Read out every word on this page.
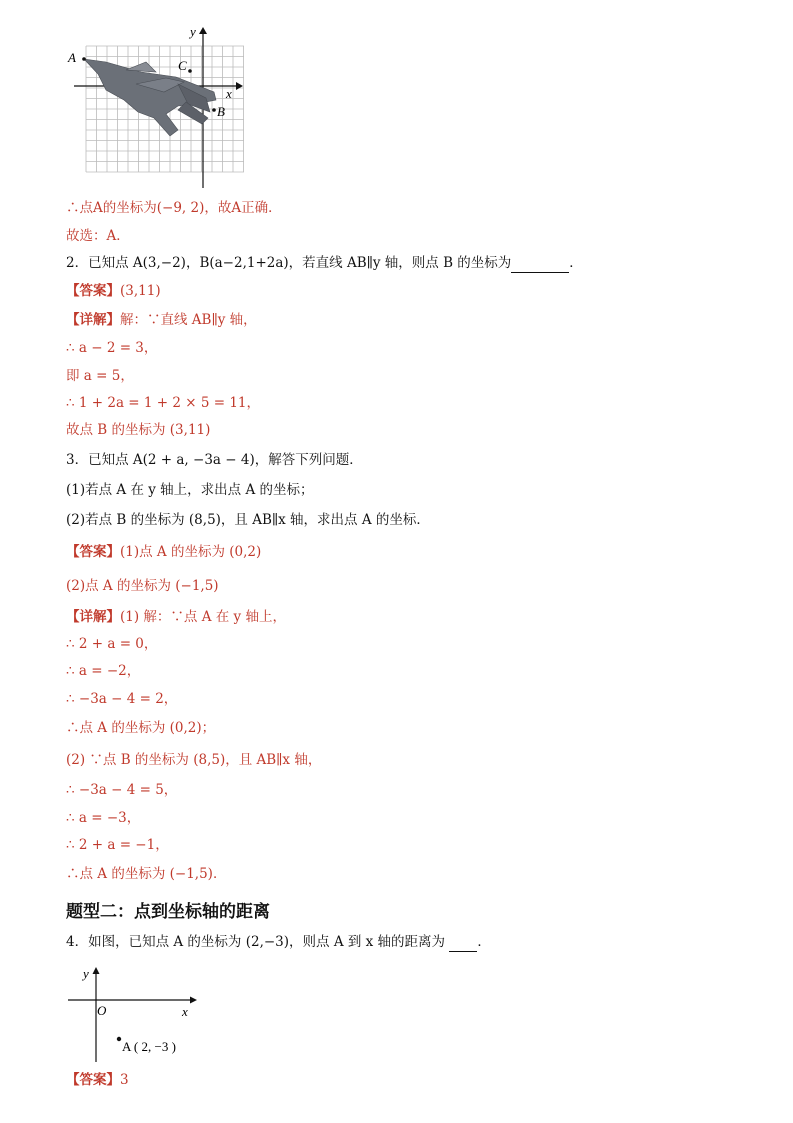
A
B
C
x
y
∴点A的坐标为(−9, 2)，故A正确．
故选：A．
2．已知点 A(3,−2)，B(a−2,1+2a)，若直线 AB∥y 轴，则点 B 的坐标为	．
【答案】(3,11)
【详解】解：∵直线 AB∥y 轴，
∴ a − 2 = 3，
即 a = 5，
∴ 1 + 2a = 1 + 2 × 5 = 11，
故点 B 的坐标为 (3,11)
3．已知点 A(2 + a, −3a − 4)，解答下列问题．
(1)若点 A 在 y 轴上，求出点 A 的坐标；
(2)若点 B 的坐标为 (8,5)，且 AB∥x 轴，求出点 A 的坐标．
【答案】(1)点 A 的坐标为 (0,2)
(2)点 A 的坐标为 (−1,5)
【详解】(1) 解：∵点 A 在 y 轴上，
∴ 2 + a = 0，
∴ a = −2，
∴ −3a − 4 = 2，
∴点 A 的坐标为 (0,2)；
(2) ∵点 B 的坐标为 (8,5)，且 AB∥x 轴，
∴ −3a − 4 = 5，
∴ a = −3，
∴ 2 + a = −1，
∴点 A 的坐标为 (−1,5)．
题型二：点到坐标轴的距离
4．如图，已知点 A 的坐标为 (2,−3)，则点 A 到 x 轴的距离为 ．
y
x
O
A ( 2, −3 )
【答案】3
